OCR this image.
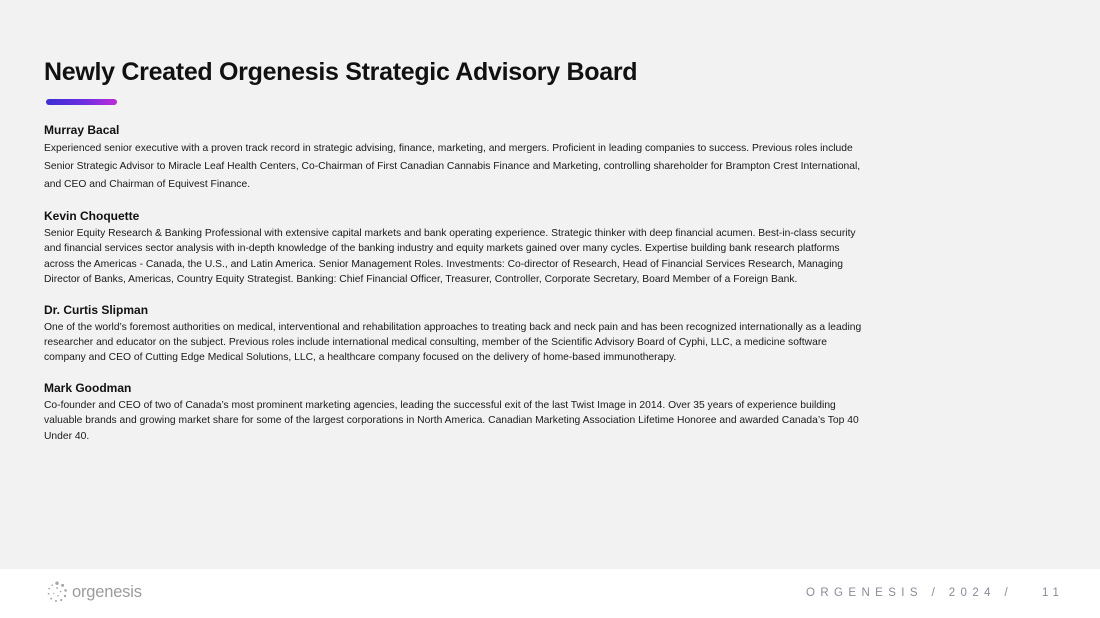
Newly Created Orgenesis Strategic Advisory Board
Murray Bacal

Experienced senior executive with a proven track record in strategic advising, finance, marketing, and mergers. Proficient in leading companies to success. Previous roles include Senior Strategic Advisor to Miracle Leaf Health Centers, Co-Chairman of First Canadian Cannabis Finance and Marketing, controlling shareholder for Brampton Crest International, and CEO and Chairman of Equivest Finance.

Kevin Choquette

Senior Equity Research & Banking Professional with extensive capital markets and bank operating experience. Strategic thinker with deep financial acumen. Best-in-class security and financial services sector analysis with in-depth knowledge of the banking industry and equity markets gained over many cycles. Expertise building bank research platforms across the Americas - Canada, the U.S., and Latin America. Senior Management Roles. Investments: Co-director of Research, Head of Financial Services Research, Managing Director of Banks, Americas, Country Equity Strategist. Banking: Chief Financial Officer, Treasurer, Controller, Corporate Secretary, Board Member of a Foreign Bank.

Dr. Curtis Slipman

One of the world’s foremost authorities on medical, interventional and rehabilitation approaches to treating back and neck pain and has been recognized internationally as a leading researcher and educator on the subject. Previous roles include international medical consulting, member of the Scientific Advisory Board of Cyphi, LLC, a medicine software company and CEO of Cutting Edge Medical Solutions, LLC, a healthcare company focused on the delivery of home-based immunotherapy.

Mark Goodman

Co-founder and CEO of two of Canada’s most prominent marketing agencies, leading the successful exit of the last Twist Image in 2014. Over 35 years of experience building valuable brands and growing market share for some of the largest corporations in North America. Canadian Marketing Association Lifetime Honoree and awarded Canada’s Top 40 Under 40.

orgenesis	ORGENESIS / 2024 /	11
